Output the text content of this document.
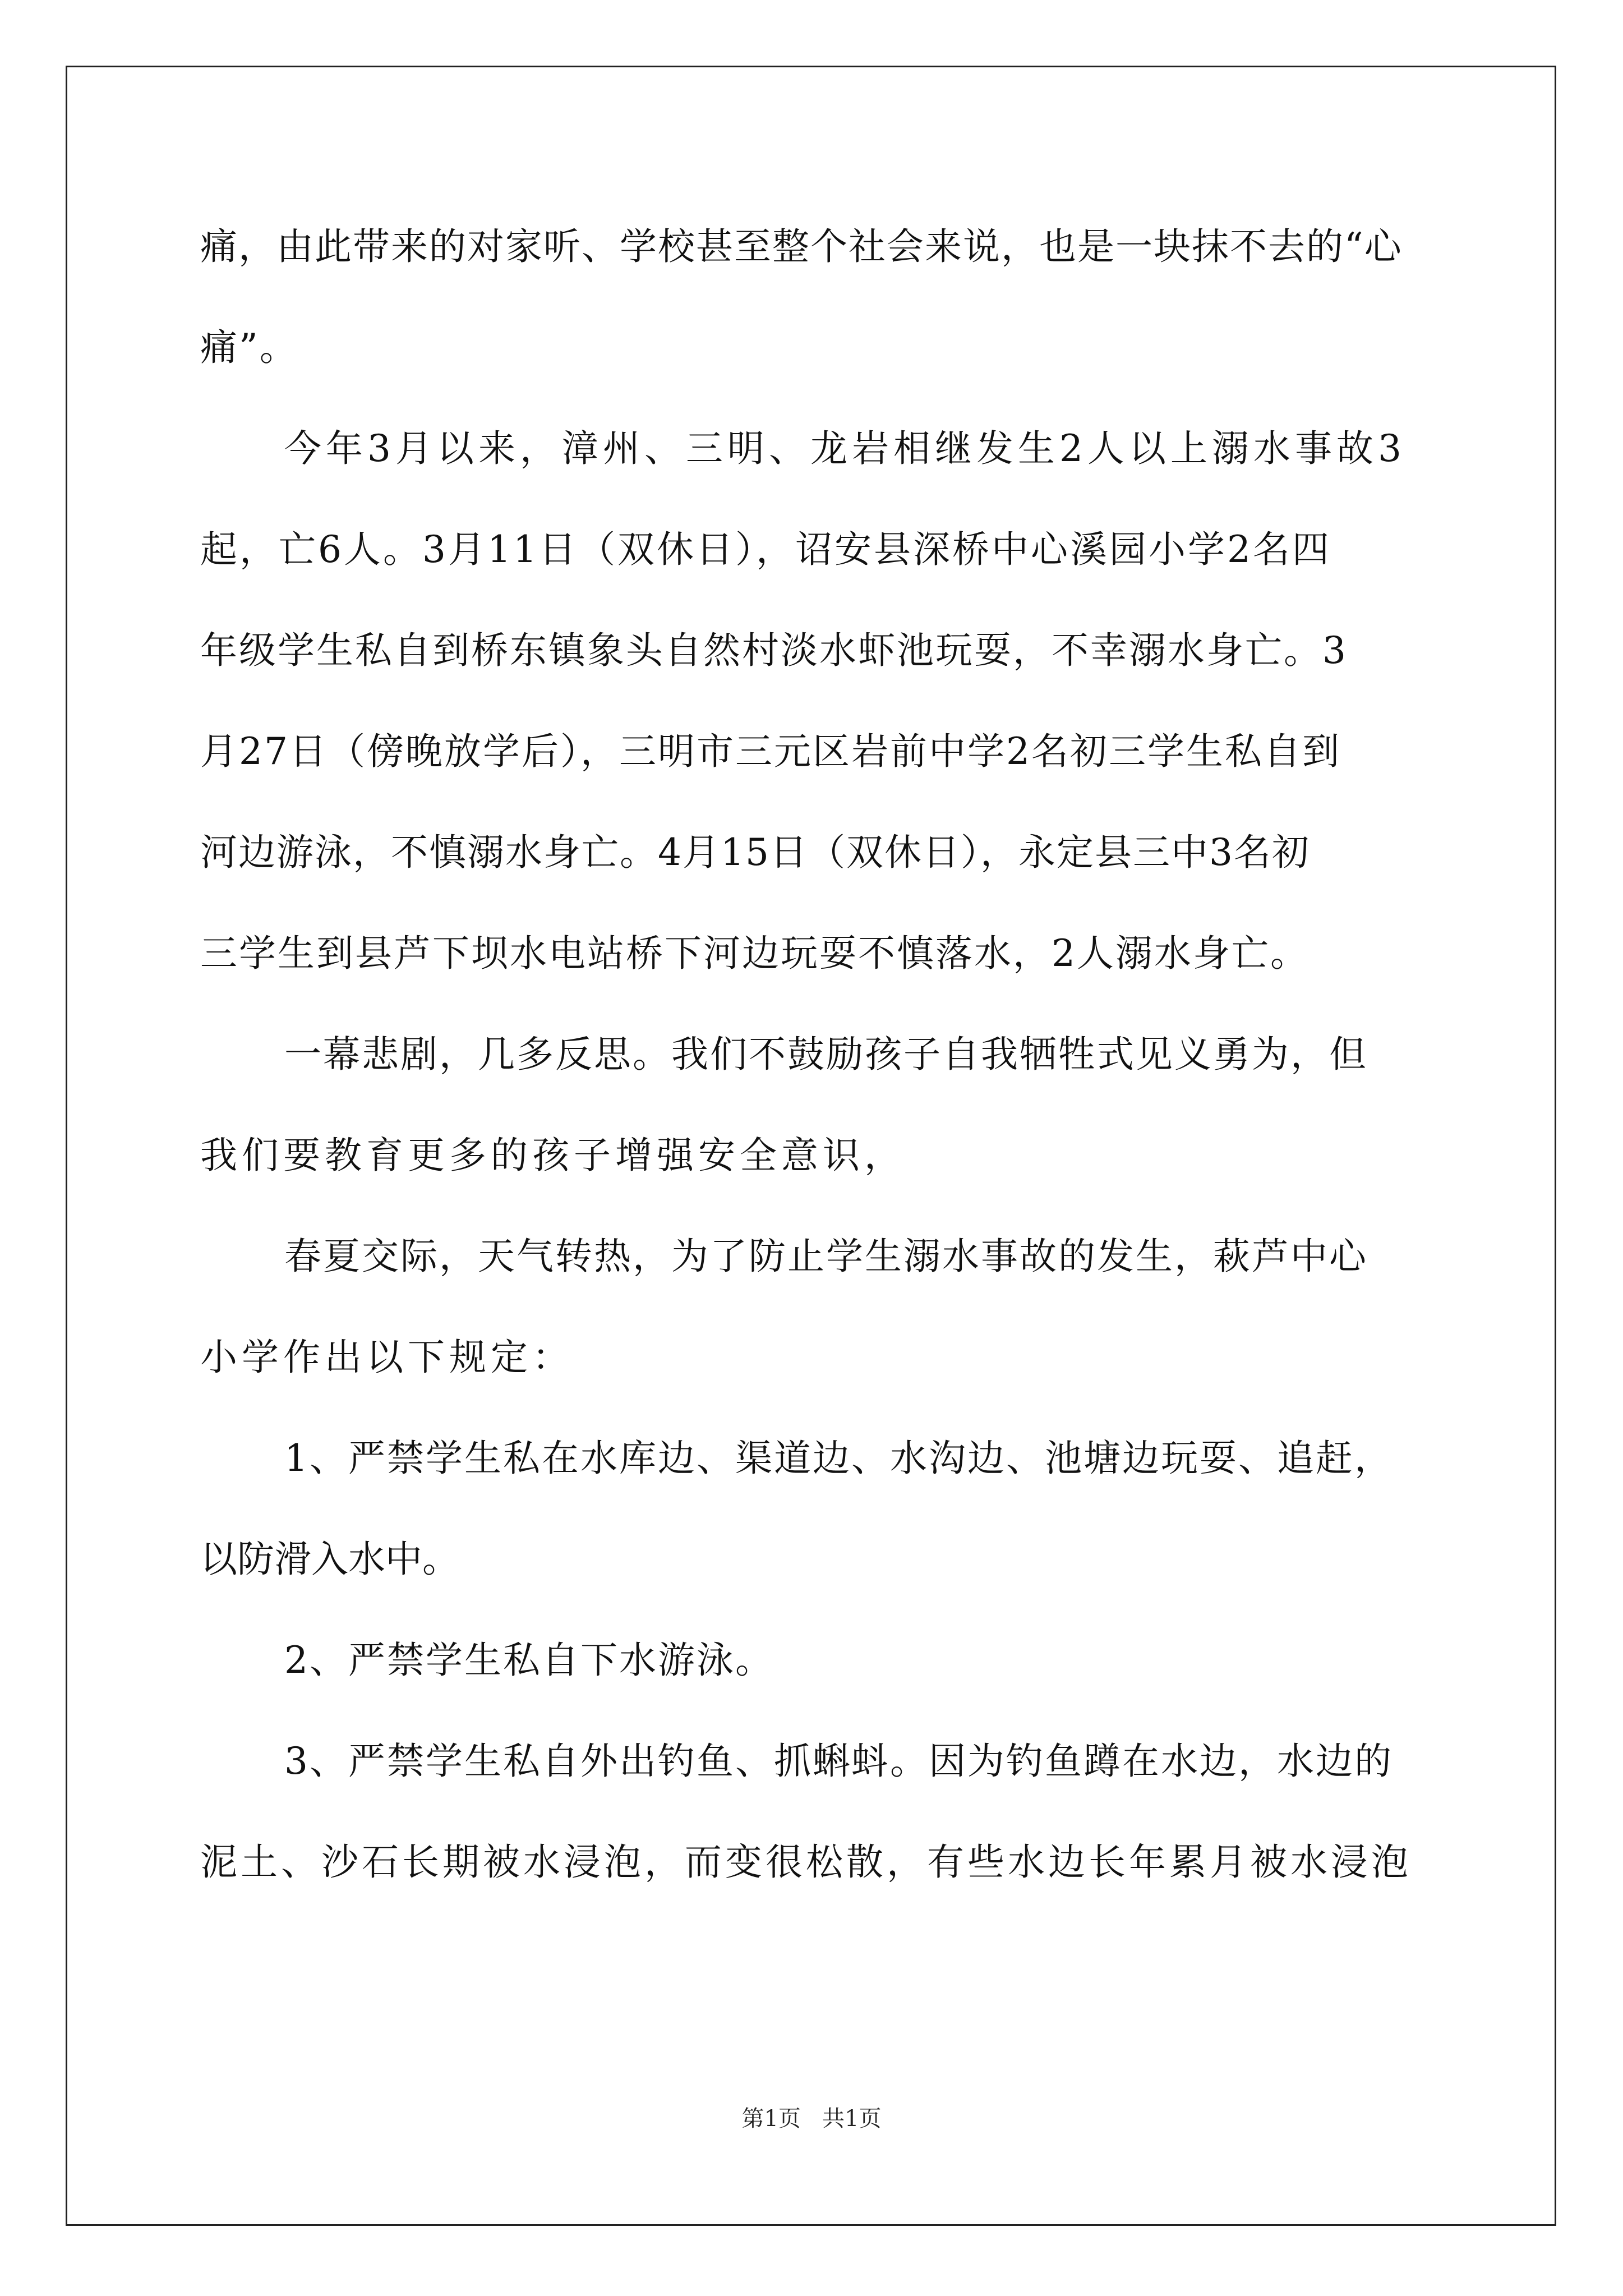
痛，由此带来的对家听、学校甚至整个社会来说，也是一块抹不去的“心
痛”。
今年3月以来，漳州、三明、龙岩相继发生2人以上溺水事故3
起，亡6人。3月11日（双休日），诏安县深桥中心溪园小学2名四
年级学生私自到桥东镇象头自然村淡水虾池玩耍，不幸溺水身亡。3
月27日（傍晚放学后），三明市三元区岩前中学2名初三学生私自到
河边游泳，不慎溺水身亡。4月15日（双休日），永定县三中3名初
三学生到县芦下坝水电站桥下河边玩耍不慎落水，2人溺水身亡。
一幕悲剧，几多反思。我们不鼓励孩子自我牺牲式见义勇为，但
我们要教育更多的孩子增强安全意识，
春夏交际，天气转热，为了防止学生溺水事故的发生，萩芦中心
小学作出以下规定：
1、严禁学生私在水库边、渠道边、水沟边、池塘边玩耍、追赶，
以防滑入水中。
2、严禁学生私自下水游泳。
3、严禁学生私自外出钓鱼、抓蝌蚪。因为钓鱼蹲在水边，水边的
泥土、沙石长期被水浸泡，而变很松散，有些水边长年累月被水浸泡
第1页   共1页
